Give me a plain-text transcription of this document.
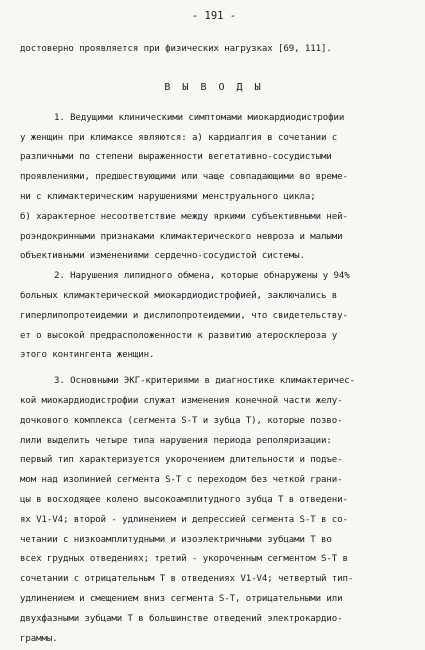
- 191 -
достоверно проявляется при физических нагрузках [69, 111].
В Ы В О Д Ы
1. Ведущими клиническими симптомами миокардиодистрофии
у женщин при климаксе являются: а) кардиалгия в сочетании с
различными по степени выраженности вегетативно-сосудистыми
проявлениями, предшествующими или чаще совпадающими во време-
ни с климактерическим нарушениями менструального цикла;
б) характерное несоответствие между яркими субъективными ней-
роэндокринными признаками климактерического невроза и малыми
объективными изменениями сердечно-сосудистой системы.
2. Нарушения липидного обмена, которые обнаружены у 94%
больных климактерической миокардиодистрофией, заключались в
гиперлипопротеидемии и дислипопротеидемии, что свидетельству-
ет о высокой предрасположенности к развитию атеросклероза у
этого контингента женщин.
3. Основными ЭКГ-критериями в диагностике климактеричес-
кой миокардиодистрофии служат изменения конечной части желу-
дочкового комплекса (сегмента S-T и зубца T), которые позво-
лили выделить четыре типа нарушения периода реполяризации:
первый тип характеризуется укорочением длительности и подъе-
мом над изолинией сегмента S-T с переходом без четкой грани-
цы в восходящее колено высокоамплитудного зубца T в отведени-
ях V1-V4; второй - удлинением и депрессией сегмента S-T в со-
четании с низкоамплитудными и изоэлектричными зубцами T во
всех грудных отведениях; третий - укороченным сегментом S-T в
сочетании с отрицательным T в отведениях V1-V4; четвертый тип-
удлинением и смещением вниз сегмента S-T, отрицательными или
двухфазными зубцами T в большинстве отведений электрокардио-
граммы.
